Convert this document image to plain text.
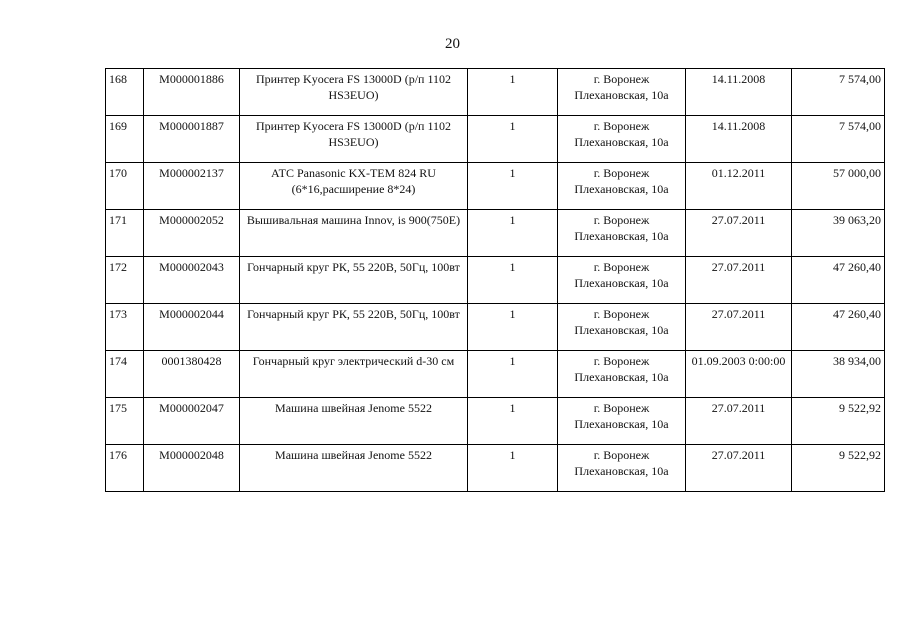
20
168	М000001886	Принтер Kyocera FS 13000D (p/п 1102 HS3EUO)	1	г. Воронеж
Плехановская, 10а	14.11.2008	7 574,00

169	М000001887	Принтер Kyocera FS 13000D (p/п 1102 HS3EUO)	1	г. Воронеж
Плехановская, 10а	14.11.2008	7 574,00

170	М000002137	АТС Panasonic KX-TEM 824 RU (6*16,расширение 8*24)	1	г. Воронеж
Плехановская, 10а	01.12.2011	57 000,00

171	М000002052	Вышивальная машина Innov, is 900(750E)	1	г. Воронеж
Плехановская, 10а	27.07.2011	39 063,20

172	М000002043	Гончарный круг РК, 55 220В, 50Гц, 100вт	1	г. Воронеж
Плехановская, 10а	27.07.2011	47 260,40

173	М000002044	Гончарный круг РК, 55 220В, 50Гц, 100вт	1	г. Воронеж
Плехановская, 10а	27.07.2011	47 260,40

174	0001380428	Гончарный круг электрический d-30 см	1	г. Воронеж
Плехановская, 10а	01.09.2003 0:00:00	38 934,00

175	М000002047	Машина швейная Jenome 5522	1	г. Воронеж
Плехановская, 10а	27.07.2011	9 522,92

176	М000002048	Машина швейная Jenome 5522	1	г. Воронеж
Плехановская, 10а	27.07.2011	9 522,92
